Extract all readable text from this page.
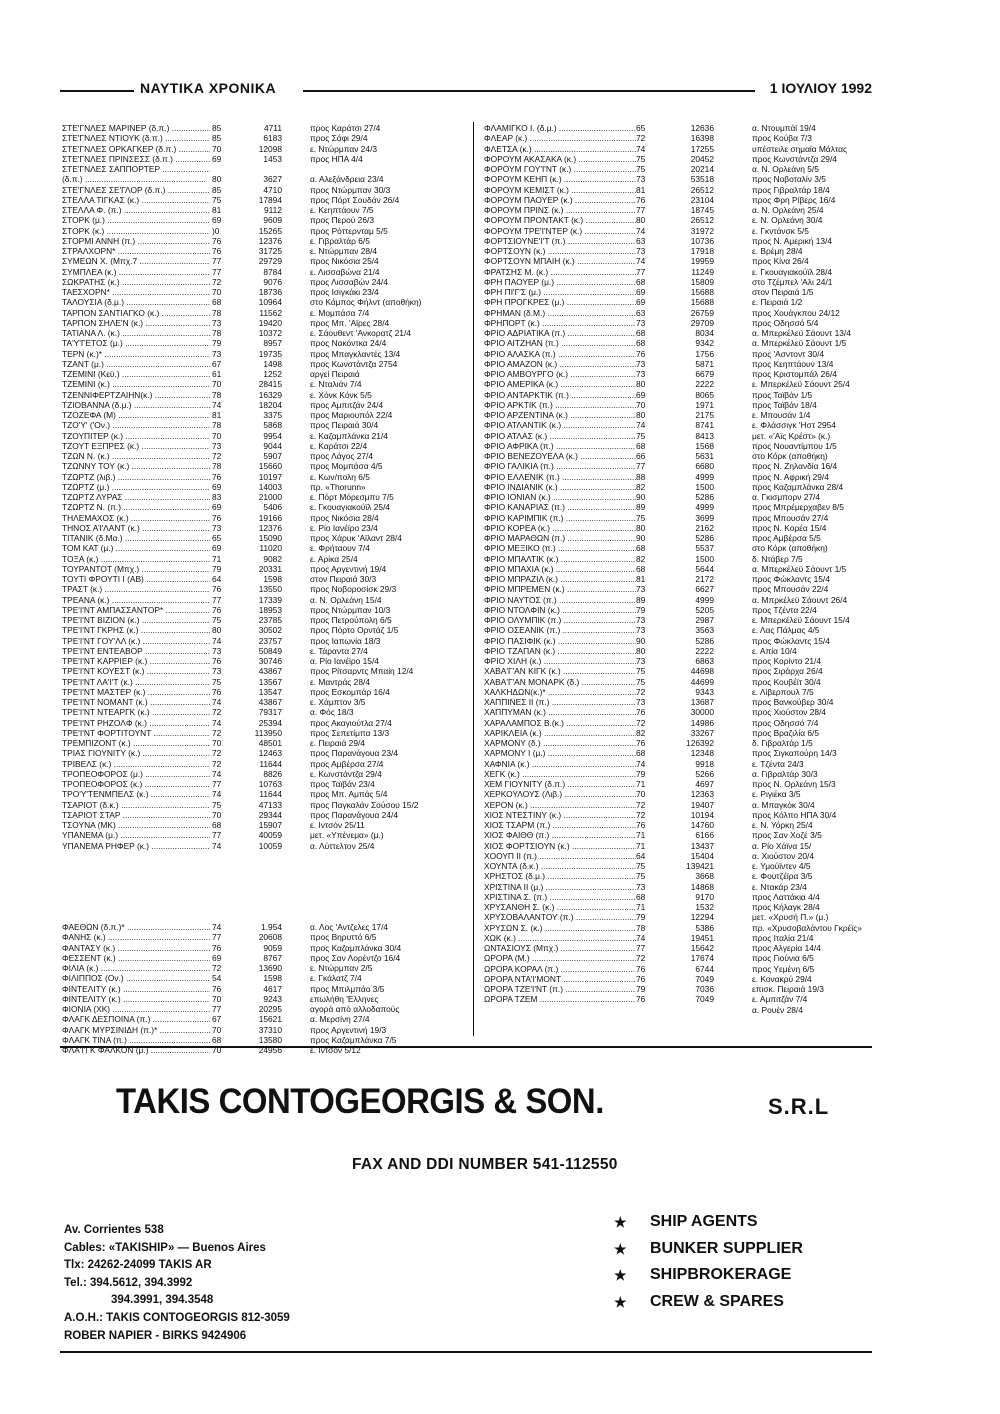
ΝΑΥΤΙΚΑ ΧΡΟΝΙΚΑ	1 ΙΟΥΛΙΟΥ 1992
ΣΤΕ'ΓΝΛΕΣ ΜΑΡΙΝΕΡ (δ.π.) .....	85	4711	προς Καράτσι 27/4
ΣΤΕ'ΓΝΛΕΣ ΝΤΙΟΥΚ (δ.π.) .....	85	6183	προς Σάφι 29/4
ΣΤΕ'ΓΝΛΕΣ ΟΡΚΑΓΚΕΡ (δ.π.) .....	70	12098	ε. Ντώρμπαν 24/3
ΣΤΕ'ΓΝΛΕΣ ΠΡΙΝΣΕΣΣ (δ.π.) .....	69	1453	προς ΗΠΑ 4/4
ΣΤΕ'ΓΝΛΕΣ ΣΑΠΠΟΡΤΕΡ .....
(δ.π.) .....	80	3627	α. Αλεξάνδρεια 23/4
ΣΤΕ'ΓΝΛΕΣ ΣΕ'ΓΛΟΡ (δ.π.) .....	85	4710	προς Ντώρμπαν 30/3
ΣΤΕΛΛΑ ΤΙΓΚΑΣ (κ.) .....	75	17894	προς Πόρτ Σουδάν 26/4
ΣΤΕΛΛΑ Φ. (π.) .....	81	9112	ε. Κεηπτάουν 7/5
ΣΤΟΡΚ (μ.) .....	69	9609	προς Περού 26/3
ΣΤΟΡΚ (κ.) .....	)0	15265	προς Ρόττερνταμ 5/5
ΣΤΟΡΜΙ ΑΝΝΗ (π.) .....	76	12376	ε. Γιβραλτάρ 6/5
ΣΤΡΑΛΧΟΡΝ* .....	76	31725	ε. Ντώρμπαν 28/4
ΣΥΜΕΩΝ Χ. (Μπχ.7 .....	77	29729	προς Νικόσια 25/4
ΣΥΜΠΛΕΑ (κ.) .....	77	8784	ε. Λισσαβώνα 21/4
ΣΩΚΡΑΤΗΣ (κ.) .....	72	9076	προς Λισσαβών 24/4
ΤΑΕΣΧΟΡΝ* .....	70	18736	προς Ισιγκάκι 23/4
ΤΑΛΟΥΣΙΑ (δ.μ.) .....	68	10964	στο Κάμπος Φήλντ (αποθήκη)
ΤΑΡΠΟΝ ΣΑΝΤΙΑΓΚΟ (κ.) .....	78	11562	ε. Μομπάσα 7/4
ΤΑΡΠΟΝ ΣΗΛΕ'Ν (κ.) .....	73	19420	προς Μπ. 'Αϊρες 28/4
ΤΑΤΙΑΝΑ Λ. (κ.) .....	78	10372	ε. Σάουθεντ 'Ανκορατζ 21/4
ΤΑ'Υ'ΓΕΤΟΣ (μ.) .....	79	8957	προς Νακόντκα 24/4
ΤΕΡΝ (κ.)* .....	73	19735	προς Μπαγκλαντές 13/4
ΤΖΑΝΤ (μ.) .....	67	1498	προς Κωνστάντζα 2754
ΤΖΕΜΙΝΙ (Κεϋ.) .....	61	1252	αργεί Πειραιά
ΤΖΕΜΙΝΙ (κ.) .....	70	28415	ε. Νταλιάν 7/4
ΤΖΕΝΝΙΦΕΡΤΖΑΙΗΝ(κ.) .....	78	16329	ε. Χόνκ Κόνκ 5/5
ΤΖΙΟΒΑΝΝΑ (δ.μ.) .....	74	18204	προς Αμπιτζάν 24/4
ΤΖΟΖΕΦΑ (Μ) .....	81	3375	προς Μαριουπόλ 22/4
ΤΖΟ'Υ' ('Ον.) .....	78	5868	προς Πειραιά 30/4
ΤΖΟΥΠΙΤΕΡ (κ.) .....	70	9954	ε. Καζαμπλάνκα 21/4
ΤΖΟΥΤ ΕΞΠΡΕΣ (κ.) .....	73	9044	ε. Καράτσι 22/4
ΤΖΩΝ Ν. (κ.) .....	72	5907	προς Λάγος 27/4
ΤΖΩΝΝΥ ΤΟΥ (κ.) .....	78	15660	προς Μομπάσα 4/5
ΤΖΩΡΤΖ (λιβ.) .....	76	10197	ε. Κων/πολη 6/5
ΤΖΩΡΤΖ (μ.) .....	69	14003	πρ. «Thorunn»
ΤΖΩΡΤΖ ΛΥΡΑΣ .....	83	21000	ε. Πόρτ Μόρεσμπυ 7/5
ΤΖΩΡΤΖ Ν. (π.) .....	69	5406	ε. Γκουαγιακούϊλ 25/4
ΤΗΛΕΜΑΧΟΣ (κ.) .....	76	19166	προς Νικόσια 28/4
ΤΗΝΟΣ ΑΊ'ΛΑΝΤ (κ.) .....	73	12376	ε. Ρίο Ιανέϊρο 23/4
ΤΙΤΑΝΙΚ (δ.Μα.) .....	65	15090	προς Χάρυκ 'Αϊλαντ 28/4
ΤΟΜ ΚΑΤ (μ.) .....	69	11020	ε. Φρήταουν 7/4
ΤΟΞΑ (κ.) .....	71	9082	ε. Αρίκα 25/4
ΤΟΥΡΑΝΤΟΤ (Μπχ.) .....	79	20331	προς Αργεντινή 19/4
ΤΟΥΤΙ ΦΡΟΥΤΙ Ι (ΑΒ) .....	64	1598	στον Πειραιά 30/3
ΤΡΑΣΤ (κ.) .....	76	13550	προς Νοβοροσίσκ 29/3
ΤΡΕΑΝΑ (κ.) .....	77	17339	α. Ν. Ορλεάνη 15/4
ΤΡΕ'Ι'ΝΤ ΑΜΠΑΣΣΑΝΤΟΡ* .....	76	18953	προς Ντώρμπαν 10/3
ΤΡΕ'Ι'ΝΤ ΒΙΖΙΟΝ (κ.) .....	75	23785	προς Πετρούπολη 6/5
ΤΡΕ'Ι'ΝΤ ΓΚΡΗΣ (κ.) .....	80	30502	προς Πόρτο Ορντάζ 1/5
ΤΡΕ'Ι'ΝΤ ΓΟΥ'ΛΛ (κ.) .....	74	23757	προς Ιαπωνία 18/3
ΤΡΕ'Ι'ΝΤ ΕΝΤΕΑΒΟΡ .....	73	50849	ε. Τάραντα 27/4
ΤΡΕ'Ι'ΝΤ ΚΑΡΡΙΕΡ (κ.) .....	76	30746	α. Ρίο Ιανέϊρο 15/4
ΤΡΕ'Ι'ΝΤ ΚΟΥΕΣΤ (κ.) .....	73	43867	προς Ρίτσαρντς Μπαίη 12/4
ΤΡΕ'Ι'ΝΤ ΛΑ'Ι'Τ (κ.) .....	75	13567	ε. Μαντράς 28/4
ΤΡΕ'Ι'ΝΤ ΜΑΣΤΕΡ (κ.) .....	76	13547	προς Εσκομπάρ 16/4
ΤΡΕ'Ι'ΝΤ ΝΟΜΑΝΤ (κ.) .....	74	43867	ε. Χάμπτον 3/5
ΤΡΕ'Ι'ΝΤ ΝΤΕΑΡΓΚ (κ.) .....	72	79317	α. Φός 18/3
ΤΡΕ'Ι'ΝΤ ΡΗΖΟΛΦ (κ.) .....	74	25394	προς Ακαγιούτλα 27/4
ΤΡΕ'Ι'ΝΤ ΦΟΡΤΙΤΟΥΝΤ .....	72	113950	προς Σεπετίμπα 13/3
ΤΡΕΜΠΙΖΟΝΤ (κ.) .....	70	48501	ε. Πειραιά 29/4
ΤΡΙΑΣ ΓΙΟΥΝΙΤΥ (κ.) .....	72	12463	προς Παρανάγουα 23/4
ΤΡΙΒΕΛΣ (κ.) .....	72	11644	προς Αμβέρσα 27/4
ΤΡΟΠΕΟΦΟΡΟΣ (μ.) .....	74	8826	ε. Κωνστάντζα 29/4
ΤΡΟΠΕΟΦΟΡΟΣ (κ.) .....	77	10763	προς Ταϊβάν 23/4
ΤΡΟ'Υ'ΤΕΝΜΠΕΛΣ (κ.) .....	74	11644	προς Μπ. Αμπάς 5/4
ΤΣΑΡΙΟΤ (δ.κ.) .....	75	47133	προς Παγκαλάν Σούσου 15/2
ΤΣΑΡΙΟΤ ΣΤΑΡ .....	70	29344	προς Παρανάγουα 24/4
ΤΣΟΥΝΑ (ΜΚ) .....	68	15907	ε. Ιντσόν 25/11
ΥΠΑΝΕΜΑ (μ.) .....	77	40059	μετ. «Υπένεμα» (μ.)
ΥΠΑΝΕΜΑ ΡΗΦΕΡ (κ.) .....	74	10059	α. Λύττελτον 25/4
ΦΑΕΘΩΝ (δ.π.)* .....	74	1.954	α. Λος 'Αντζελες 17/4
ΦΑΝΗΣ (κ.) .....	77	20608	προς Βηρυττό 6/5
ΦΑΝΤΑΣΥ (κ.) .....	76	9059	προς Καζαμπλάνκα 30/4
ΦΕΣΣΕΝΤ (κ.) .....	69	8767	προς Σαν Λορέντζο 16/4
ΦΙΛΙΑ (κ.) .....	72	13690	ε. Ντώρμπαν 2/5
ΦΙΛΙΠΠΟΣ (Ον.) .....	54	1598	ε. Γκάλατζ 7/4
ΦΙΝΤΕΛΙΤΥ (κ.) .....	76	4617	προς Μπιλμπάο 3/5
ΦΙΝΤΕΛΙΤΥ (κ.) .....	70	9243	επωλήθη 'Ελληνες
ΦΙΟΝΙΑ (ΧΚ) .....	77	20295	αγορά από αλλοδαπούς
ΦΛΑΓΚ ΔΕΣΠΟΙΝΑ (π.) .....	67	15621	α. Μερσίνη 27/4
ΦΛΑΓΚ ΜΥΡΣΙΝΙΔΗ (π.)* .....	70	37310	προς Αργεντινή 19/3
ΦΛΑΓΚ ΤΙΝΑ (π.) .....	68	13580	προς Καζαμπλάνκα 7/5
ΦΛΑ'Ι'ΓΚ ΦΑΛΚΟΝ (μ.) .....	70	24956	ε. Ιντσόν 5/12
ΦΛΑΜΙΓΚΟ Ι. (δ.μ.) .....	65	12636	α. Ντουμπάϊ 19/4
ΦΛΕΑΡ (κ.) .....	72	16398	προς Κούβα 7/3
ΦΛΕΤΣΑ (κ.) .....	74	17255	υπέστειλε σημαία Μάλτας
ΦΟΡΟΥΜ ΑΚΑΣΑΚΑ (κ.) .....	75	20452	προς Κωνστάντζα 29/4
ΦΟΡΟΥΜ ΓΟΥ'Ι'ΝΤ (κ.) .....	75	20214	α. Ν. Ορλεάνη 5/5
ΦΟΡΟΥΜ ΚΕΗΠ (κ.) .....	73	53518	προς Νοβοταλίν 3/5
ΦΟΡΟΥΜ ΚΕΜΙΣΤ (κ.) .....	81	26512	προς Γιβραλτάρ 18/4
ΦΟΡΟΥΜ ΠΑΟΥΕΡ (κ.) .....	76	23104	προς Φρη Ρίβερς 16/4
ΦΟΡΟΥΜ ΠΡΙΝΣ (κ.) .....	77	18745	α. Ν. Ορλεάνη 25/4
ΦΟΡΟΥΜ ΠΡΟΝΤΑΚΤ (κ.) .....	80	26512	ε. Ν. Ορλεάνη 30/4
ΦΟΡΟΥΜ ΤΡΕ'Ι'ΝΤΕΡ (κ.) .....	74	31972	ε. Γκντάνσκ 5/5
ΦΟΡΤΣΙΟΥΝΕ'Ι'Τ (π.) .....	63	10736	προς Ν. Αμερική 13/4
ΦΟΡΤΣΟΥΝ (κ.) .....	73	17918	ε. Βρέμη 28/4
ΦΟΡΤΣΟΥΝ ΜΠΑΙΗ (κ.) .....	74	19959	προς Κίνα 26/4
ΦΡΑΤΣΗΣ Μ. (κ.) .....	77	11249	ε. Γκουαγιακούϊλ 28/4
ΦΡΗ ΠΑΟΥΕΡ (μ.) .....	68	15809	στο Τζέμπελ 'Αλι 24/1
ΦΡΗ ΠΙ'Γ'Σ (μ.) .....	69	15688	στον Πειραιά 1/5
ΦΡΗ ΠΡΟΓΚΡΕΣ (μ.) .....	69	15688	ε. Πειραιά 1/2
ΦΡΗΜΑΝ (δ.Μ.) .....	63	26759	προς Χουάγκπου 24/12
ΦΡΗΠΟΡΤ (κ.) .....	73	29709	προς Οδησσό 5/4
ΦΡΙΟ ΑΔΡΙΑΤΙΚΑ (π.) .....	68	8034	α. Μπερκέλεϋ Σάουντ 13/4
ΦΡΙΟ ΑΙΤΖΗΑΝ (π.) .....	68	9342	α. Μπερκέλεϋ Σάουντ 1/5
ΦΡΙΟ ΑΛΑΣΚΑ (π.) .....	76	1756	προς 'Ασντοντ 30/4
ΦΡΙΟ ΑΜΑΖΟΝ (κ.) .....	73	5871	προς Κεηπτάουν 13/4
ΦΡΙΟ ΑΜΒΟΥΡΓΟ (κ.) .....	73	6679	προς Κριστομπάλ 26/4
ΦΡΙΟ ΑΜΕΡΙΚΑ (κ.) .....	80	2222	ε. Μπερκέλεϋ Σάουντ 25/4
ΦΡΙΟ ΑΝΤΑΡΚΤΙΚ (π.) .....	69	8065	προς Ταϊβάν 1/5
ΦΡΙΟ ΑΡΚΤΙΚ (π.) .....	70	1971	προς Ταϊβάν 18/4
ΦΡΙΟ ΑΡΖΕΝΤΙΝΑ (κ.) .....	80	2175	ε. Μπουσάν 1/4
ΦΡΙΟ ΑΤΛΑΝΤΙΚ (κ.) .....	74	8741	ε. Φλάσσιγκ 'Ηστ 2954
ΦΡΙΟ ΑΤΛΑΣ (κ.) .....	75	8413	μετ. «'Αϊς Κρέστ» (κ.)
ΦΡΙΟ ΑΦΡΙΚΑ (π.) .....	68	1568	προς Νουαντίμπου 1/5
ΦΡΙΟ ΒΕΝΕΖΟΥΕΛΑ (κ.) .....	66	5631	στο Κόρκ (αποθήκη)
ΦΡΙΟ ΓΑΛΙΚΙΑ (π.) .....	77	6680	προς Ν. Ζηλανδία 16/4
ΦΡΙΟ ΕΛΛΕΝΙΚ (π.) .....	88	4999	προς Ν. Αφρική 29/4
ΦΡΙΟ ΙΝΔΙΑΝΙΚ (κ.) .....	82	1500	προς Καζαμπλάνκα 28/4
ΦΡΙΟ ΙΟΝΙΑΝ (κ.) .....	90	5286	α. Γκισμπορν 27/4
ΦΡΙΟ ΚΑΝΑΡΙΑΣ (π.) .....	89	4999	προς Μπρέμερχαβεν 8/5
ΦΡΙΟ ΚΑΡΙΜΠΙΚ (π.) .....	75	3699	προς Μπουσάν 27/4
ΦΡΙΟ ΚΟΡΕΑ (κ.) .....	80	2162	προς Ν. Κορέα 15/4
ΦΡΙΟ ΜΑΡΑΘΩΝ (π.) .....	90	5286	προς Αμβέρσα 5/5
ΦΡΙΟ ΜΕΞΙΚΟ (π.) .....	68	5537	στο Κόρκ (αποθήκη)
ΦΡΙΟ ΜΠΑΛΤΙΚ (κ.) .....	82	1500	δ. Ντάβερ 7/5
ΦΡΙΟ ΜΠΑΧΙΑ (κ.) .....	68	5644	α. Μπερκέλεϋ Σάουντ 1/5
ΦΡΙΟ ΜΠΡΑΖΙΛ (κ.) .....	81	2172	προς Φώκλαντς 15/4
ΦΡΙΟ ΜΠΡΕΜΕΝ (κ.) .....	73	6627	προς Μπουσάν 22/4
ΦΡΙΟ ΝΑΥΤΟΣ (π.) .....	89	4999	α. Μπρκέλεϋ Σάουντ 26/4
ΦΡΙΟ ΝΤΟΛΦΙΝ (κ.) .....	79	5205	προς Τζέντα 22/4
ΦΡΙΟ ΟΛΥΜΠΙΚ (π.) .....	73	2987	ε. Μπερκέλεϋ Σάουντ 15/4
ΦΡΙΟ ΟΣΕΑΝΙΚ (π.) .....	73	3563	ε. Λας Πάλμας 4/5
ΦΡΙΟ ΠΑΣΙΦΙΚ (κ.) .....	90	5286	προς Φώκλαντς 15/4
ΦΡΙΟ ΤΖΑΠΑΝ (κ.) .....	80	2222	ε. Απία 10/4
ΦΡΙΟ ΧΙΛΗ (κ.) .....	73	6863	προς Κορίντο 21/4
ΧΑΒΑ'Γ'ΑΝ ΚΙΓΚ (κ.) .....	75	44698	προς Σιράρχα 26/4
ΧΑΒΑ'Γ'ΑΝ ΜΟΝΑΡΚ (δ.) .....	75	44699	προς Κουβέϊτ 30/4
ΧΑΛΚΗΔΩΝ(κ.)* .....	72	9343	ε. Λίβερπουλ 7/5
ΧΑΠΠΙΝΕΣ ΙΙ (π.) .....	73	13687	προς Βανκούβερ 30/4
ΧΑΠΠΥΜΑΝ (κ.) .....	76	30000	προς Χιούστον 28/4
ΧΑΡΑΛΑΜΠΟΣ Β.(κ.) .....	72	14986	προς Οδησσό 7/4
ΧΑΡΙΚΛΕΙΑ (κ.) .....	82	33267	προς Βραζιλία 6/5
ΧΑΡΜΟΝΥ (δ.) .....	76	126392	δ. Γιβραλτάρ 1/5
ΧΑΡΜΟΝΥ Ι (μ.) .....	68	12348	προς Σιγκαπούρη 14/3
ΧΑΦΝΙΑ (κ.) .....	74	9918	ε. Τζέντα 24/3
ΧΕΓΚ (κ.) .....	79	5266	α. Γιβραλτάρ 30/3
ΧΕΜ ΓΙΟΥΝΙΤΥ (δ.π.) .....	71	4697	προς Ν. Ορλεάνη 15/3
ΧΕΡΚΟΥΛΟΥΣ (Λιβ.) .....	70	12363	ε. Ριγιέκα 3/5
ΧΕΡΟΝ (κ.) .....	72	19407	α. Μπαγκόκ 30/4
ΧΙΟΣ ΝΤΕΣΤΙΝΥ (κ.) .....	72	10194	προς Κόλπο ΗΠΑ 30/4
ΧΙΟΣ ΤΣΑΡΜ (π.) .....	76	14760	ε. Ν. Υόρκη 25/4
ΧΙΟΣ ΦΑΙΘΘ (π.) .....	71	6166	προς Σαν Χοζέ 3/5
ΧΙΟΣ ΦΟΡΤΣΙΟΥΝ (κ.) .....	71	13437	α. Ρίο Χάϊνα 15/
ΧΟΟΥΠ ΙΙ (π.) .....	64	15404	α. Χιούστον 20/4
ΧΟΥΝΤΑ (δ.κ.) .....	75	139421	ε. Υμούϊντεν 4/5
ΧΡΗΣΤΟΣ (δ.μ.) .....	75	3668	ε. Φουτζέϊρα 3/5
ΧΡΙΣΤΙΝΑ ΙΙ (μ.) .....	73	14868	ε. Ντακάρ 23/4
ΧΡΙΣΤΙΝΑ Σ. (π.) .....	68	9170	προς Λαττάκια 4/4
ΧΡΥΣΑΝΘΗ Σ. (κ.) .....	71	1532	προς Κήλαγκ 28/4
ΧΡΥΣΟΒΑΛΑΝΤΟΥ (π.) .....	79	12294	μετ. «Χρυσή Π.» (μ.)
ΧΡΥΣΩΝ Σ. (κ.) .....	78	5386	πρ. «Χρυσοβαλάντου Γκρέϊς»
ΧΩΚ (κ.) .....	74	19451	προς Ιταλία 21/4
ΩΝΤΑΣΙΟΥΣ (Μπχ.) .....	77	15642	προς Αλγερία 14/4
ΩΡΟΡΑ (Μ.) .....	72	17674	προς Γιούνια 6/5
ΩΡΟΡΑ ΚΟΡΑΛ (π.) .....	76	6744	προς Υεμένη 6/5
ΩΡΟΡΑ ΝΤΑ'Ι'ΜΟΝΤ .....	76	7049	ε. Κονακρύ 29/4
ΩΡΟΡΑ ΤΖΕ'Ι'ΝΤ (π.) .....	79	7036	επισκ. Πειραιά 19/3
ΩΡΟΡΑ ΤΖΕΜ .....	76	7049	ε. Αμπιτζάν 7/4
α. Ρουέν 28/4
TAKIS CONTOGEORGIS & SON.	S.R.L
FAX AND DDI NUMBER 541-112550
Av. Corrientes 538
Cables: «TAKISHIP» — Buenos Aires
Tlx: 24262-24099 TAKIS AR
Tel.: 394.5612, 394.3992
394.3991, 394.3548
A.O.H.: TAKIS CONTOGEORGIS 812-3059
ROBER NAPIER - BIRKS 9424906
★ SHIP AGENTS
★ BUNKER SUPPLIER
★ SHIPBROKERAGE
★ CREW & SPARES
